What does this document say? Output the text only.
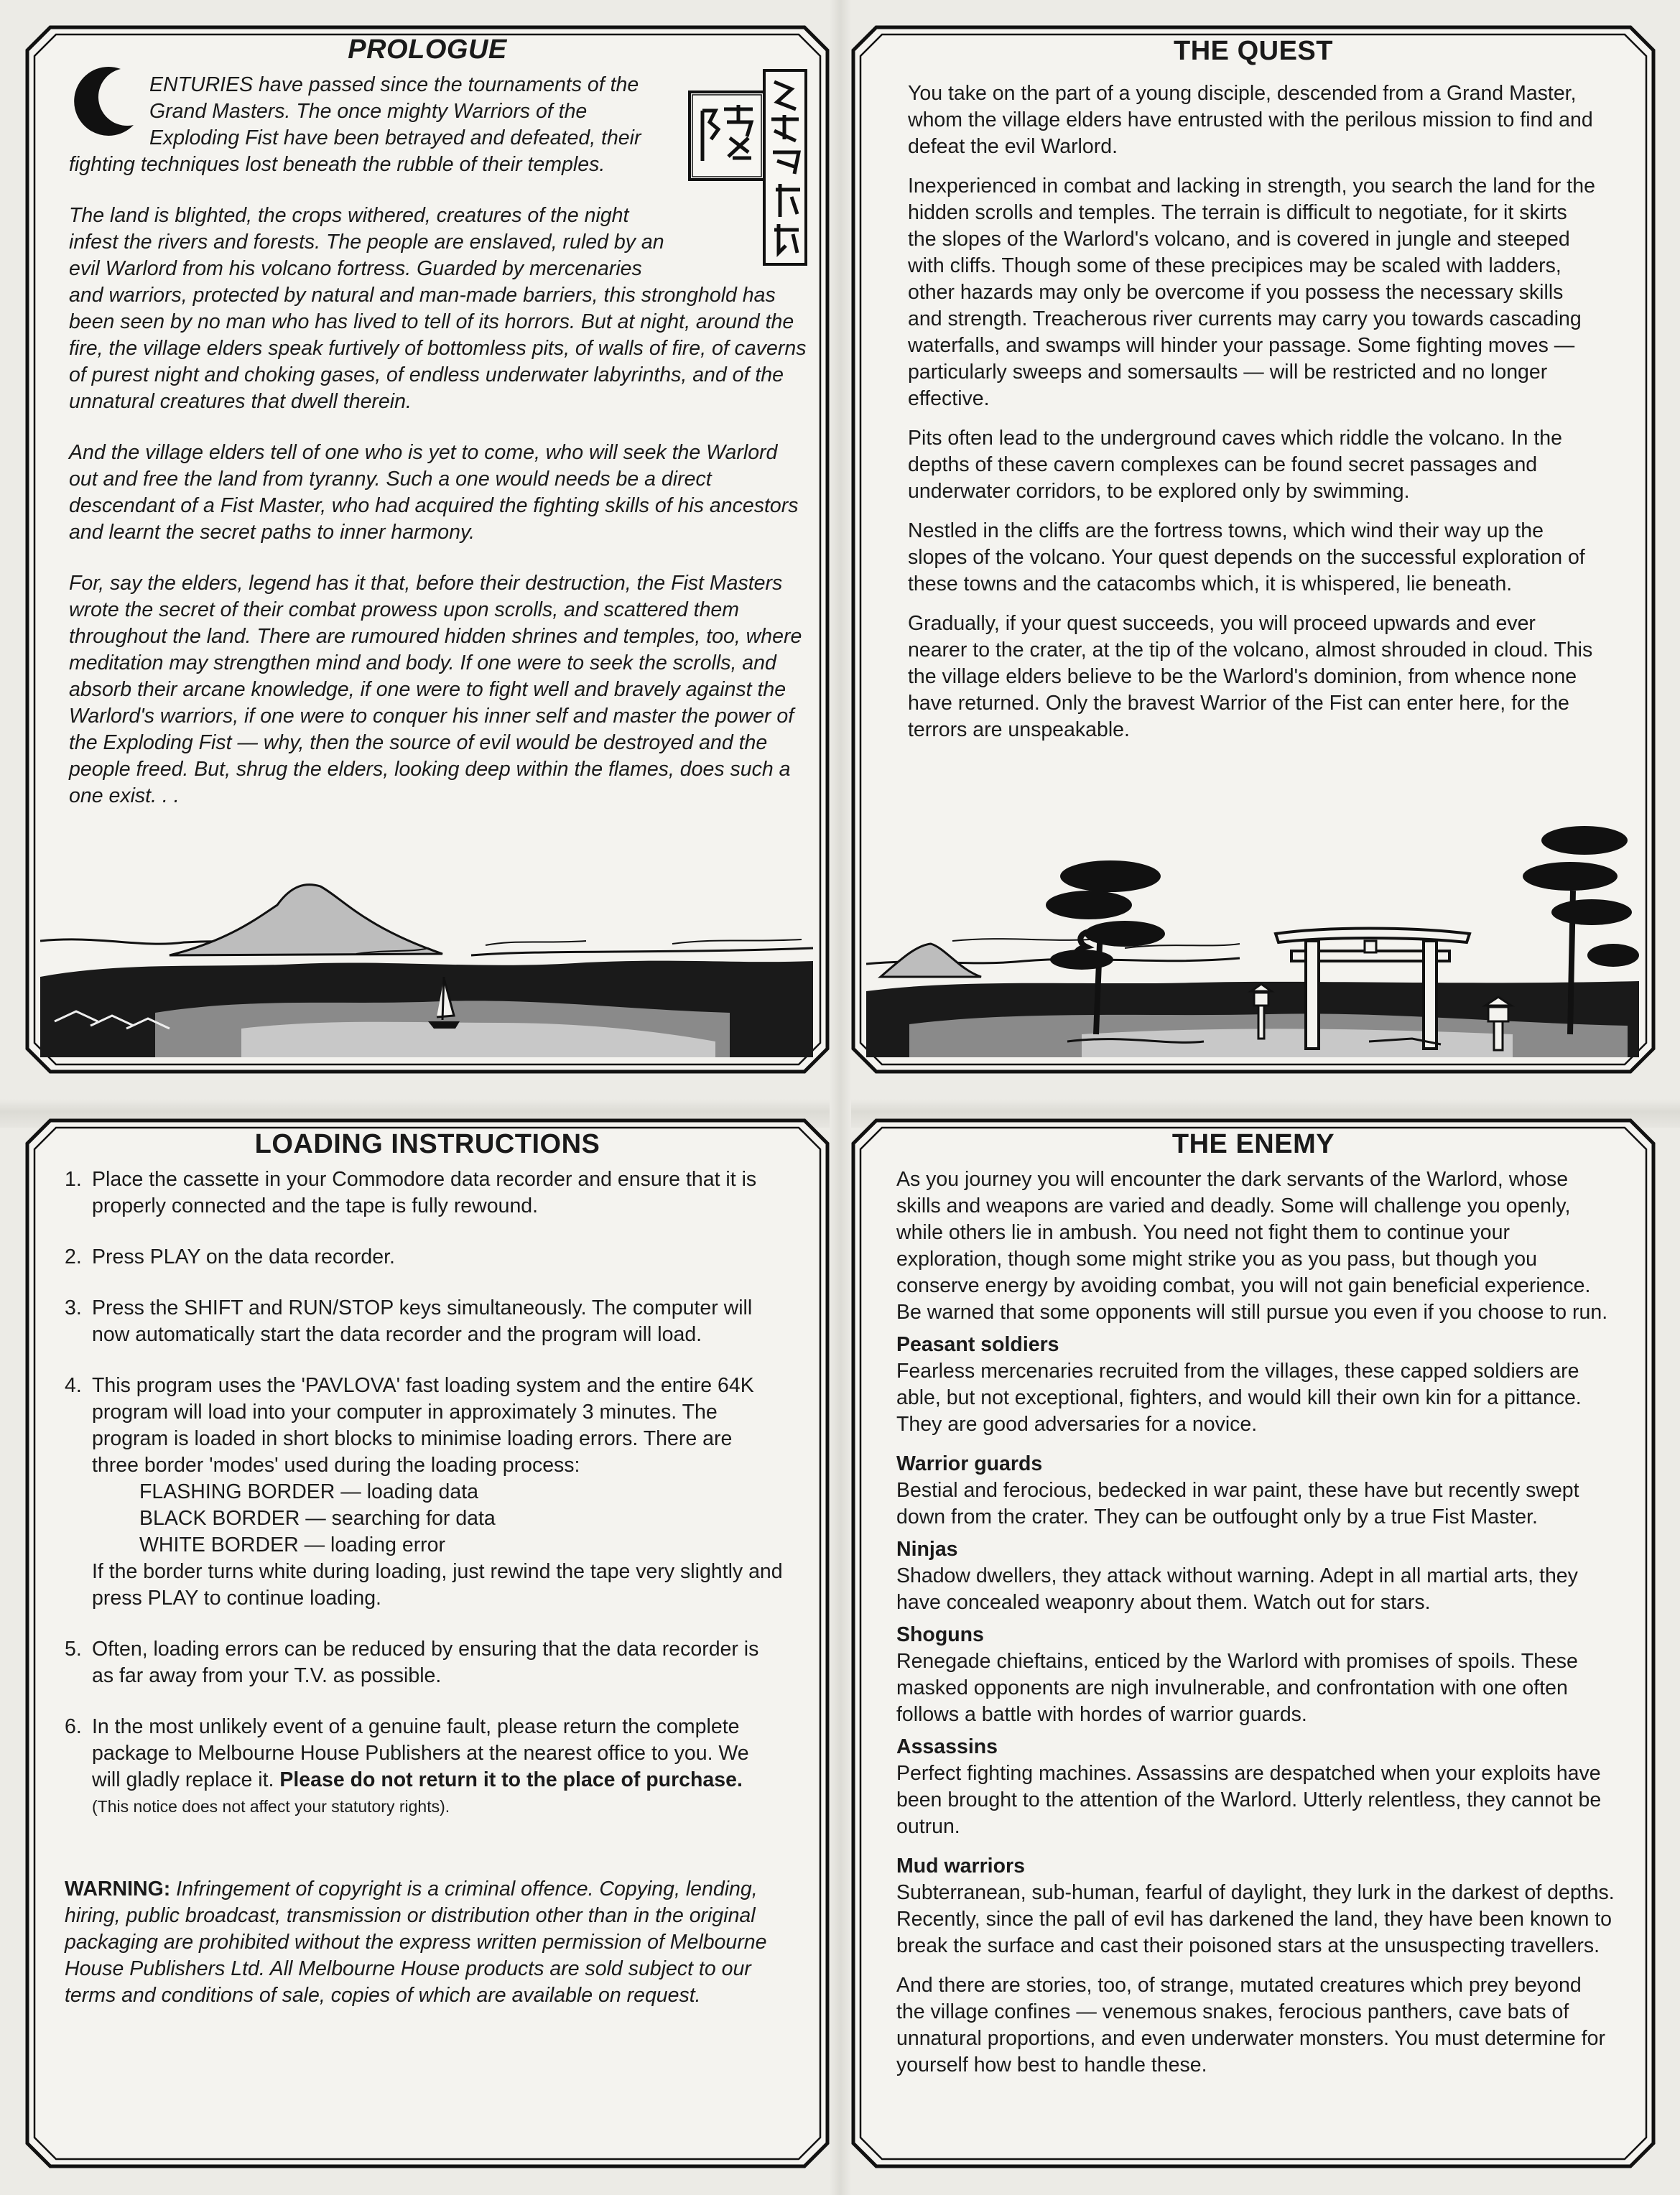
PROLOGUE

ENTURIES have passed since the tournaments of the Grand Masters. The once mighty Warriors of the Exploding Fist have been betrayed and defeated, their fighting techniques lost beneath the rubble of their temples.

The land is blighted, the crops withered, creatures of the night infest the rivers and forests. The people are enslaved, ruled by an evil Warlord from his volcano fortress. Guarded by mercenaries and warriors, protected by natural and man-made barriers, this stronghold has been seen by no man who has lived to tell of its horrors. But at night, around the fire, the village elders speak furtively of bottomless pits, of walls of fire, of caverns of purest night and choking gases, of endless underwater labyrinths, and of the unnatural creatures that dwell therein.

And the village elders tell of one who is yet to come, who will seek the Warlord out and free the land from tyranny. Such a one would needs be a direct descendant of a Fist Master, who had acquired the fighting skills of his ancestors and learnt the secret paths to inner harmony.

For, say the elders, legend has it that, before their destruction, the Fist Masters wrote the secret of their combat prowess upon scrolls, and scattered them throughout the land. There are rumoured hidden shrines and temples, too, where meditation may strengthen mind and body. If one were to seek the scrolls, and absorb their arcane knowledge, if one were to fight well and bravely against the Warlord's warriors, if one were to conquer his inner self and master the power of the Exploding Fist — why, then the source of evil would be destroyed and the people freed. But, shrug the elders, looking deep within the flames, does such a one exist. . .

THE QUEST

You take on the part of a young disciple, descended from a Grand Master, whom the village elders have entrusted with the perilous mission to find and defeat the evil Warlord.

Inexperienced in combat and lacking in strength, you search the land for the hidden scrolls and temples. The terrain is difficult to negotiate, for it skirts the slopes of the Warlord's volcano, and is covered in jungle and steeped with cliffs. Though some of these precipices may be scaled with ladders, other hazards may only be overcome if you possess the necessary skills and strength. Treacherous river currents may carry you towards cascading waterfalls, and swamps will hinder your passage. Some fighting moves — particularly sweeps and somersaults — will be restricted and no longer effective.

Pits often lead to the underground caves which riddle the volcano. In the depths of these cavern complexes can be found secret passages and underwater corridors, to be explored only by swimming.

Nestled in the cliffs are the fortress towns, which wind their way up the slopes of the volcano. Your quest depends on the successful exploration of these towns and the catacombs which, it is whispered, lie beneath.

Gradually, if your quest succeeds, you will proceed upwards and ever nearer to the crater, at the tip of the volcano, almost shrouded in cloud. This the village elders believe to be the Warlord's dominion, from whence none have returned. Only the bravest Warrior of the Fist can enter here, for the terrors are unspeakable.

LOADING INSTRUCTIONS
1. Place the cassette in your Commodore data recorder and ensure that it is properly connected and the tape is fully rewound.
2. Press PLAY on the data recorder.
3. Press the SHIFT and RUN/STOP keys simultaneously. The computer will now automatically start the data recorder and the program will load.
4. This program uses the 'PAVLOVA' fast loading system and the entire 64K program will load into your computer in approximately 3 minutes. The program is loaded in short blocks to minimise loading errors. There are three border 'modes' used during the loading process:
FLASHING BORDER — loading data
BLACK BORDER — searching for data
WHITE BORDER — loading error
If the border turns white during loading, just rewind the tape very slightly and press PLAY to continue loading.
5. Often, loading errors can be reduced by ensuring that the data recorder is as far away from your T.V. as possible.
6. In the most unlikely event of a genuine fault, please return the complete package to Melbourne House Publishers at the nearest office to you. We will gladly replace it. Please do not return it to the place of purchase.
(This notice does not affect your statutory rights).

WARNING: Infringement of copyright is a criminal offence. Copying, lending, hiring, public broadcast, transmission or distribution other than in the original packaging are prohibited without the express written permission of Melbourne House Publishers Ltd. All Melbourne House products are sold subject to our terms and conditions of sale, copies of which are available on request.

THE ENEMY

As you journey you will encounter the dark servants of the Warlord, whose skills and weapons are varied and deadly. Some will challenge you openly, while others lie in ambush. You need not fight them to continue your exploration, though some might strike you as you pass, but though you conserve energy by avoiding combat, you will not gain beneficial experience. Be warned that some opponents will still pursue you even if you choose to run.

Peasant soldiers

Fearless mercenaries recruited from the villages, these capped soldiers are able, but not exceptional, fighters, and would kill their own kin for a pittance. They are good adversaries for a novice.

Warrior guards

Bestial and ferocious, bedecked in war paint, these have but recently swept down from the crater. They can be outfought only by a true Fist Master.

Ninjas

Shadow dwellers, they attack without warning. Adept in all martial arts, they have concealed weaponry about them. Watch out for stars.

Shoguns

Renegade chieftains, enticed by the Warlord with promises of spoils. These masked opponents are nigh invulnerable, and confrontation with one often follows a battle with hordes of warrior guards.

Assassins

Perfect fighting machines. Assassins are despatched when your exploits have been brought to the attention of the Warlord. Utterly relentless, they cannot be outrun.

Mud warriors

Subterranean, sub-human, fearful of daylight, they lurk in the darkest of depths. Recently, since the pall of evil has darkened the land, they have been known to break the surface and cast their poisoned stars at the unsuspecting travellers.

And there are stories, too, of strange, mutated creatures which prey beyond the village confines — venemous snakes, ferocious panthers, cave bats of unnatural proportions, and even underwater monsters. You must determine for yourself how best to handle these.
